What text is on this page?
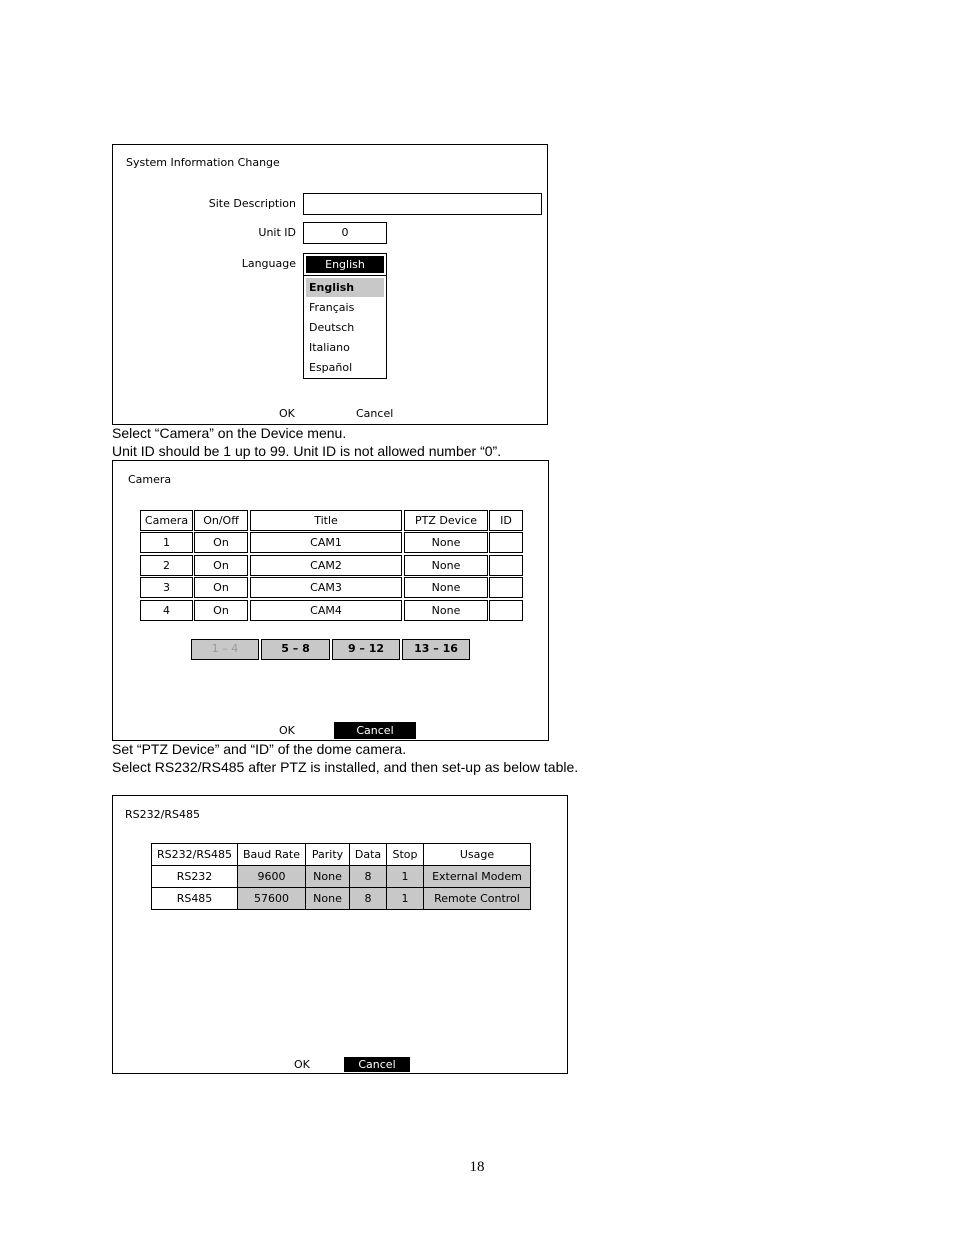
System Information Change
Site Description
Unit ID	0
Language	English
English
Français
Deutsch
Italiano
Español
OK	Cancel
Select “Camera” on the Device menu.
Unit ID should be 1 up to 99. Unit ID is not allowed number “0”.
Camera
Camera	On/Off	Title	PTZ Device	ID
1	On	CAM1	None
2	On	CAM2	None
3	On	CAM3	None
4	On	CAM4	None
1 – 4	5 – 8	9 – 12	13 – 16
OK	Cancel
Set “PTZ Device” and “ID” of the dome camera.
Select RS232/RS485 after PTZ is installed, and then set-up as below table.
RS232/RS485
RS232/RS485	Baud Rate	Parity	Data	Stop	Usage
RS232	9600	None	8	1	External Modem
RS485	57600	None	8	1	Remote Control
OK	Cancel
18
